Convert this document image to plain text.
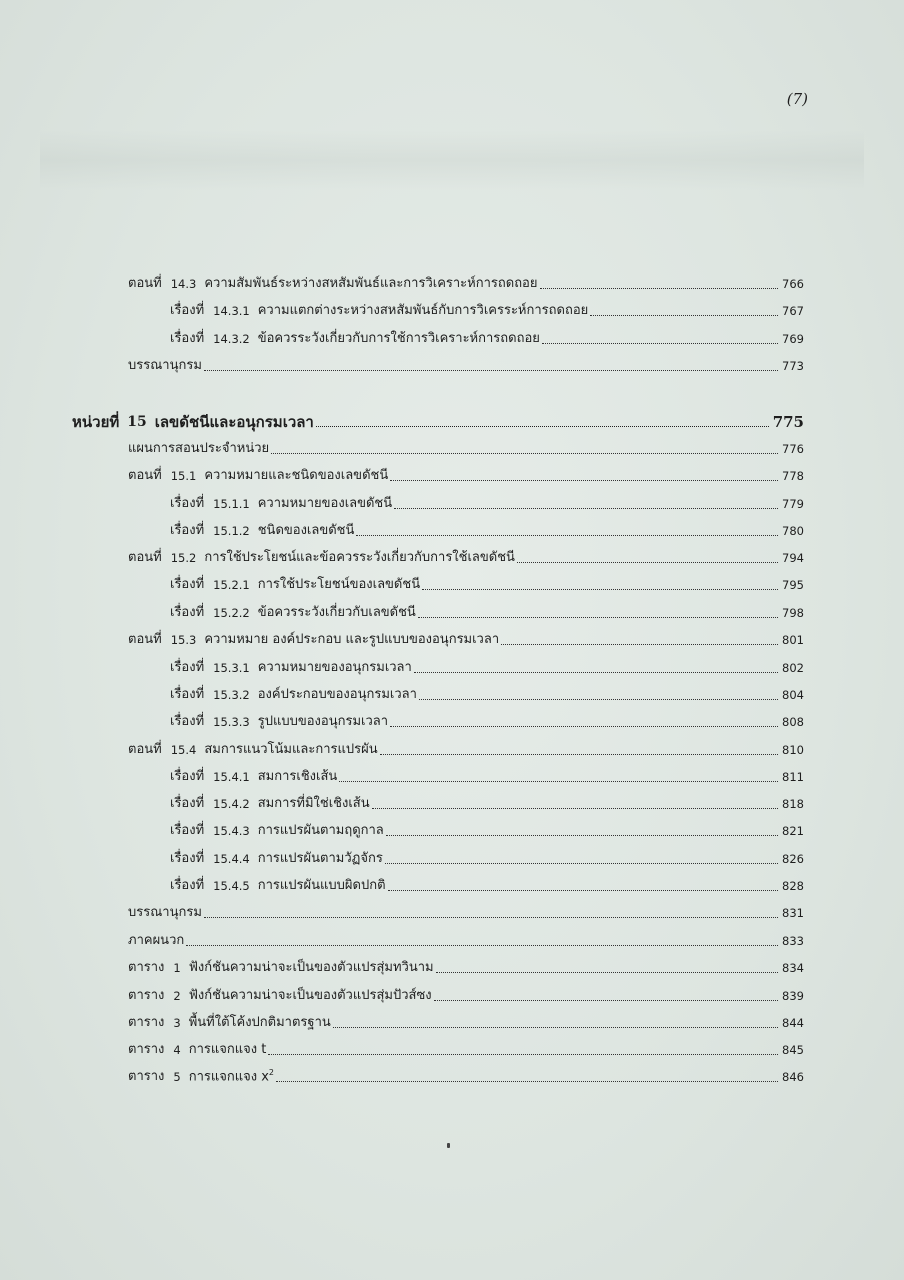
(7)
ตอนที่ 14.3 ความสัมพันธ์ระหว่างสหสัมพันธ์และการวิเคราะห์การถดถอย	766
เรื่องที่ 14.3.1 ความแตกต่างระหว่างสหสัมพันธ์กับการวิเครระห์การถดถอย	767
เรื่องที่ 14.3.2 ข้อควรระวังเกี่ยวกับการใช้การวิเคราะห์การถดถอย	769
บรรณานุกรม	773
หน่วยที่ 15 เลขดัชนีและอนุกรมเวลา	775
แผนการสอนประจำหน่วย	776
ตอนที่ 15.1 ความหมายและชนิดของเลขดัชนี	778
เรื่องที่ 15.1.1 ความหมายของเลขดัชนี	779
เรื่องที่ 15.1.2 ชนิดของเลขดัชนี	780
ตอนที่ 15.2 การใช้ประโยชน์และข้อควรระวังเกี่ยวกับการใช้เลขดัชนี	794
เรื่องที่ 15.2.1 การใช้ประโยชน์ของเลขดัชนี	795
เรื่องที่ 15.2.2 ข้อควรระวังเกี่ยวกับเลขดัชนี	798
ตอนที่ 15.3 ความหมาย องค์ประกอบ และรูปแบบของอนุกรมเวลา	801
เรื่องที่ 15.3.1 ความหมายของอนุกรมเวลา	802
เรื่องที่ 15.3.2 องค์ประกอบของอนุกรมเวลา	804
เรื่องที่ 15.3.3 รูปแบบของอนุกรมเวลา	808
ตอนที่ 15.4 สมการแนวโน้มและการแปรผัน	810
เรื่องที่ 15.4.1 สมการเชิงเส้น	811
เรื่องที่ 15.4.2 สมการที่มิใช่เชิงเส้น	818
เรื่องที่ 15.4.3 การแปรผันตามฤดูกาล	821
เรื่องที่ 15.4.4 การแปรผันตามวัฏจักร	826
เรื่องที่ 15.4.5 การแปรผันแบบผิดปกติ	828
บรรณานุกรม	831
ภาคผนวก	833
ตาราง 1 ฟังก์ชันความน่าจะเป็นของตัวแปรสุ่มทวินาม	834
ตาราง 2 ฟังก์ชันความน่าจะเป็นของตัวแปรสุ่มปัวส์ซง	839
ตาราง 3 พื้นที่ใต้โค้งปกติมาตรฐาน	844
ตาราง 4 การแจกแจง t	845
ตาราง 5 การแจกแจง $x^2$	846
